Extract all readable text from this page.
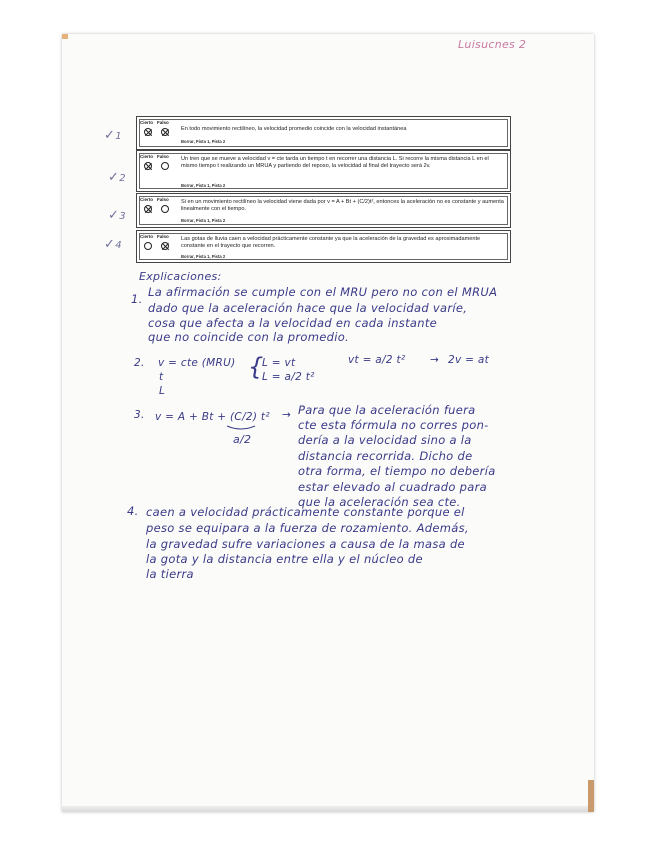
Luisucnes 2
✓1
Cierto Falso
En todo movimiento rectilíneo, la velocidad promedio coincide con la velocidad instantánea
Borrar, Pista 1, Pista 2
✓2
Cierto Falso	Un tren que se mueve a velocidad v = cte tarda un tiempo t en recorrer una distancia L. Si recorre la misma distancia L en el mismo tiempo t realizando un MRUA y partiendo del reposo, la velocidad al final del trayecto será 2v.
Borrar, Pista 1, Pista 2
✓3
Cierto Falso	Si en un movimiento rectilíneo la velocidad viene dada por v = A + Bt + (C/2)t², entonces la aceleración no es constante y aumenta linealmente con el tiempo.
Borrar, Pista 1, Pista 2
✓4
Cierto Falso	Las gotas de lluvia caen a velocidad prácticamente constante ya que la aceleración de la gravedad es aproximadamente constante en el trayecto que recorren.
Borrar, Pista 1, Pista 2
Explicaciones:
1. La afirmación se cumple con el MRU pero no con el MRUA
dado que la aceleración hace que la velocidad varíe,
cosa que afecta a la velocidad en cada instante
que no coincide con la promedio.
2. v = cte (MRU)
t
L
{
L = vt
L = a/2 t²
vt = a/2 t² → 2v = at
3. v = A + Bt + (C/2) t²
a/2
→ Para que la aceleración fuera
cte esta fórmula no corres pon-
dería a la velocidad sino a la
distancia recorrida. Dicho de
otra forma, el tiempo no debería
estar elevado al cuadrado para
que la aceleración sea cte.
4. caen a velocidad prácticamente constante porque el
peso se equipara a la fuerza de rozamiento. Además,
la gravedad sufre variaciones a causa de la masa de
la gota y la distancia entre ella y el núcleo de
la tierra
